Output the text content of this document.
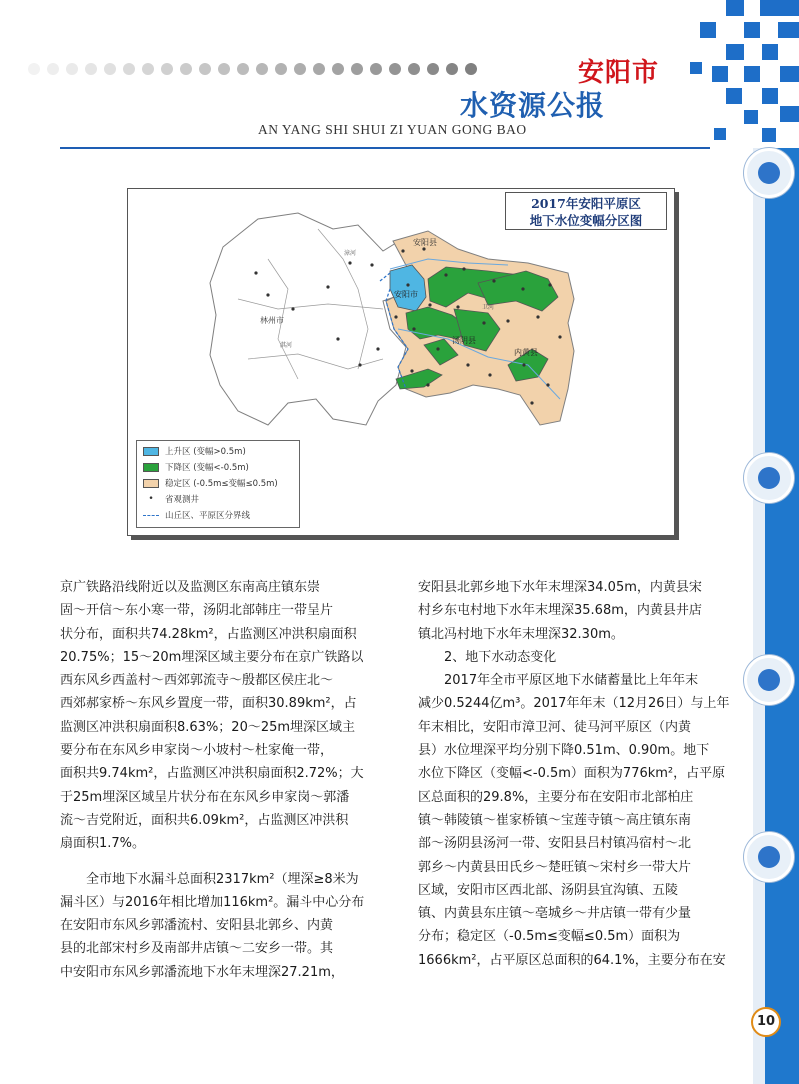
安阳市
水资源公报
AN YANG SHI SHUI ZI YUAN GONG BAO
安阳县
安阳市
林州市
汤阴县
内黄县
漳河
淇河
卫河
2017年安阳平原区
地下水位变幅分区图
上升区 (变幅>0.5m)
下降区 (变幅<-0.5m)
稳定区 (-0.5m≤变幅≤0.5m)
•	省观测井
山丘区、平原区分界线

京广铁路沿线附近以及监测区东南高庄镇东崇

固～开信～东小寒一带，汤阴北部韩庄一带呈片

状分布，面积共74.28km²，占监测区冲洪积扇面积

20.75%；15～20m埋深区域主要分布在京广铁路以

西东风乡西盖村～西郊郭流寺～殷都区侯庄北～

西郊郝家桥～东风乡置度一带，面积30.89km²，占

监测区冲洪积扇面积8.63%；20～25m埋深区域主

要分布在东风乡申家岗～小坡村～杜家俺一带，

面积共9.74km²，占监测区冲洪积扇面积2.72%；大

于25m埋深区域呈片状分布在东风乡申家岗～郭潘

流～吉党附近，面积共6.09km²，占监测区冲洪积

扇面积1.7%。

全市地下水漏斗总面积2317km²（埋深≥8米为

漏斗区）与2016年相比增加116km²。漏斗中心分布

在安阳市东风乡郭潘流村、安阳县北郭乡、内黄

县的北部宋村乡及南部井店镇～二安乡一带。其

中安阳市东风乡郭潘流地下水年末埋深27.21m，

安阳县北郭乡地下水年末埋深34.05m，内黄县宋

村乡东屯村地下水年末埋深35.68m，内黄县井店

镇北冯村地下水年末埋深32.30m。

2、地下水动态变化

2017年全市平原区地下水储蓄量比上年年末

减少0.5244亿m³。2017年年末（12月26日）与上年

年末相比，安阳市漳卫河、徒马河平原区（内黄

县）水位埋深平均分别下降0.51m、0.90m。地下

水位下降区（变幅<-0.5m）面积为776km²，占平原

区总面积的29.8%，主要分布在安阳市北部柏庄

镇～韩陵镇～崔家桥镇～宝莲寺镇～高庄镇东南

部～汤阴县汤河一带、安阳县吕村镇冯宿村～北

郭乡～内黄县田氏乡～楚旺镇～宋村乡一带大片

区域，安阳市区西北部、汤阴县宜沟镇、五陵

镇、内黄县东庄镇～亳城乡～井店镇一带有少量

分布；稳定区（-0.5m≤变幅≤0.5m）面积为

1666km²，占平原区总面积的64.1%，主要分布在安

10
